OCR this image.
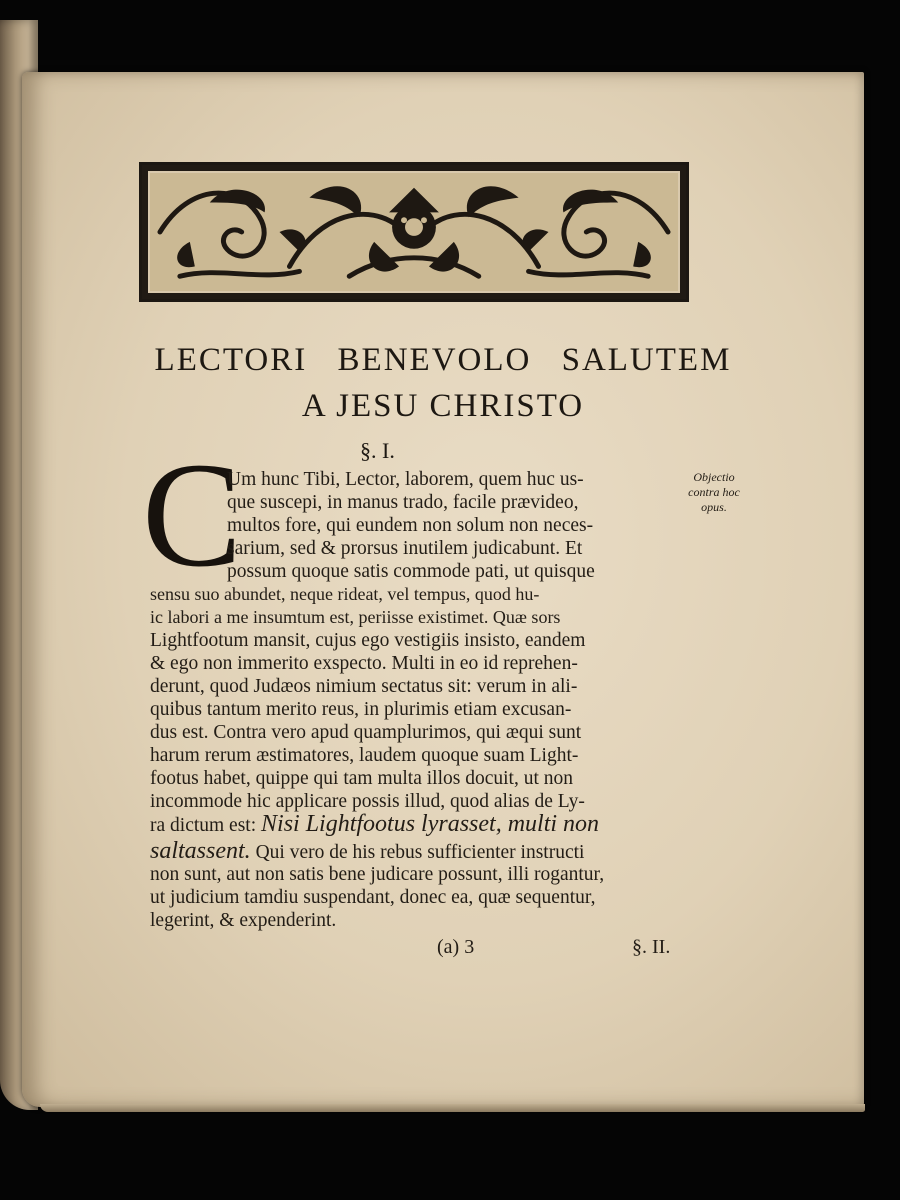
LECTORI BENEVOLO SALUTEM
A JESU CHRISTO
§. I.
C	Objectio
contra hoc
opus.
Um hunc Tibi, Lector, laborem, quem huc us-
que suscepi, in manus trado, facile prævideo,
multos fore, qui eundem non solum non neces-
sarium, sed & prorsus inutilem judicabunt. Et
possum quoque satis commode pati, ut quisque
sensu suo abundet, neque rideat, vel tempus, quod hu-
ic labori a me insumtum est, periisse existimet. Quæ sors
Lightfootum mansit, cujus ego vestigiis insisto, eandem
& ego non immerito exspecto. Multi in eo id reprehen-
derunt, quod Judæos nimium sectatus sit: verum in ali-
quibus tantum merito reus, in plurimis etiam excusan-
dus est. Contra vero apud quamplurimos, qui æqui sunt
harum rerum æstimatores, laudem quoque suam Light-
footus habet, quippe qui tam multa illos docuit, ut non
incommode hic applicare possis illud, quod alias de Ly-
ra dictum est: Nisi Lightfootus lyrasset, multi non
saltassent. Qui vero de his rebus sufficienter instructi
non sunt, aut non satis bene judicare possunt, illi rogantur,
ut judicium tamdiu suspendant, donec ea, quæ sequentur,
legerint, & expenderint.
(a) 3	§. II.
